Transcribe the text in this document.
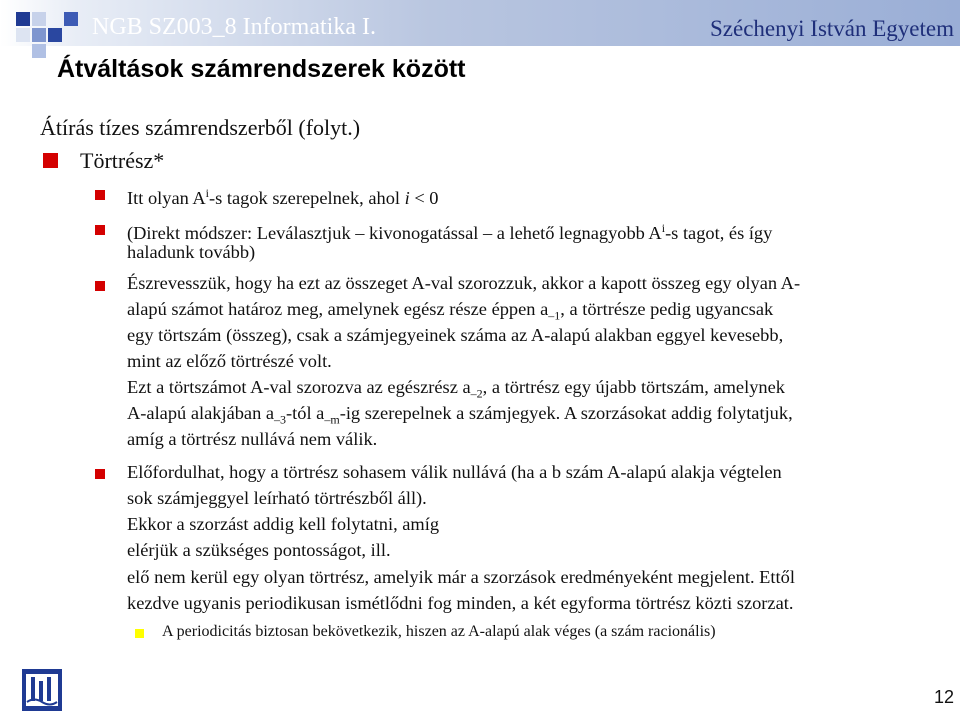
NGB SZ003_8 Informatika I.	Széchenyi István Egyetem
Átváltások számrendszerek között
Átírás tízes számrendszerből (folyt.)
Törtrész*
Itt olyan $A^i-s$ tagok szerepelnek, ahol i < 0
(Direkt módszer: Leválasztjuk – kivonogatással – a lehető legnagyobb $A^i-s$ tagot, és így
haladunk tovább)
Észrevesszük, hogy ha ezt az összeget A-val szorozzuk, akkor a kapott összeg egy olyan A-
alapú számot határoz meg, amelynek egész része éppen $a_{-1}$, a törtrésze pedig ugyancsak
egy törtszám (összeg), csak a számjegyeinek száma az A-alapú alakban eggyel kevesebb,
mint az előző törtrészé volt.
Ezt a törtszámot A-val szorozva az egészrész $a_{-2}$, a törtrész egy újabb törtszám, amelynek
A-alapú alakjában $a_{-3}$-tól $a_{-m}-ig$ szerepelnek a számjegyek. A szorzásokat addig folytatjuk,
amíg a törtrész nullává nem válik.
Előfordulhat, hogy a törtrész sohasem válik nullává (ha a b szám A-alapú alakja végtelen
sok számjeggyel leírható törtrészből áll).
Ekkor a szorzást addig kell folytatni, amíg
elérjük a szükséges pontosságot, ill.
elő nem kerül egy olyan törtrész, amelyik már a szorzások eredményeként megjelent. Ettől
kezdve ugyanis periodikusan ismétlődni fog minden, a két egyforma törtrész közti szorzat.
A periodicitás biztosan bekövetkezik, hiszen az A-alapú alak véges (a szám racionális)
12
